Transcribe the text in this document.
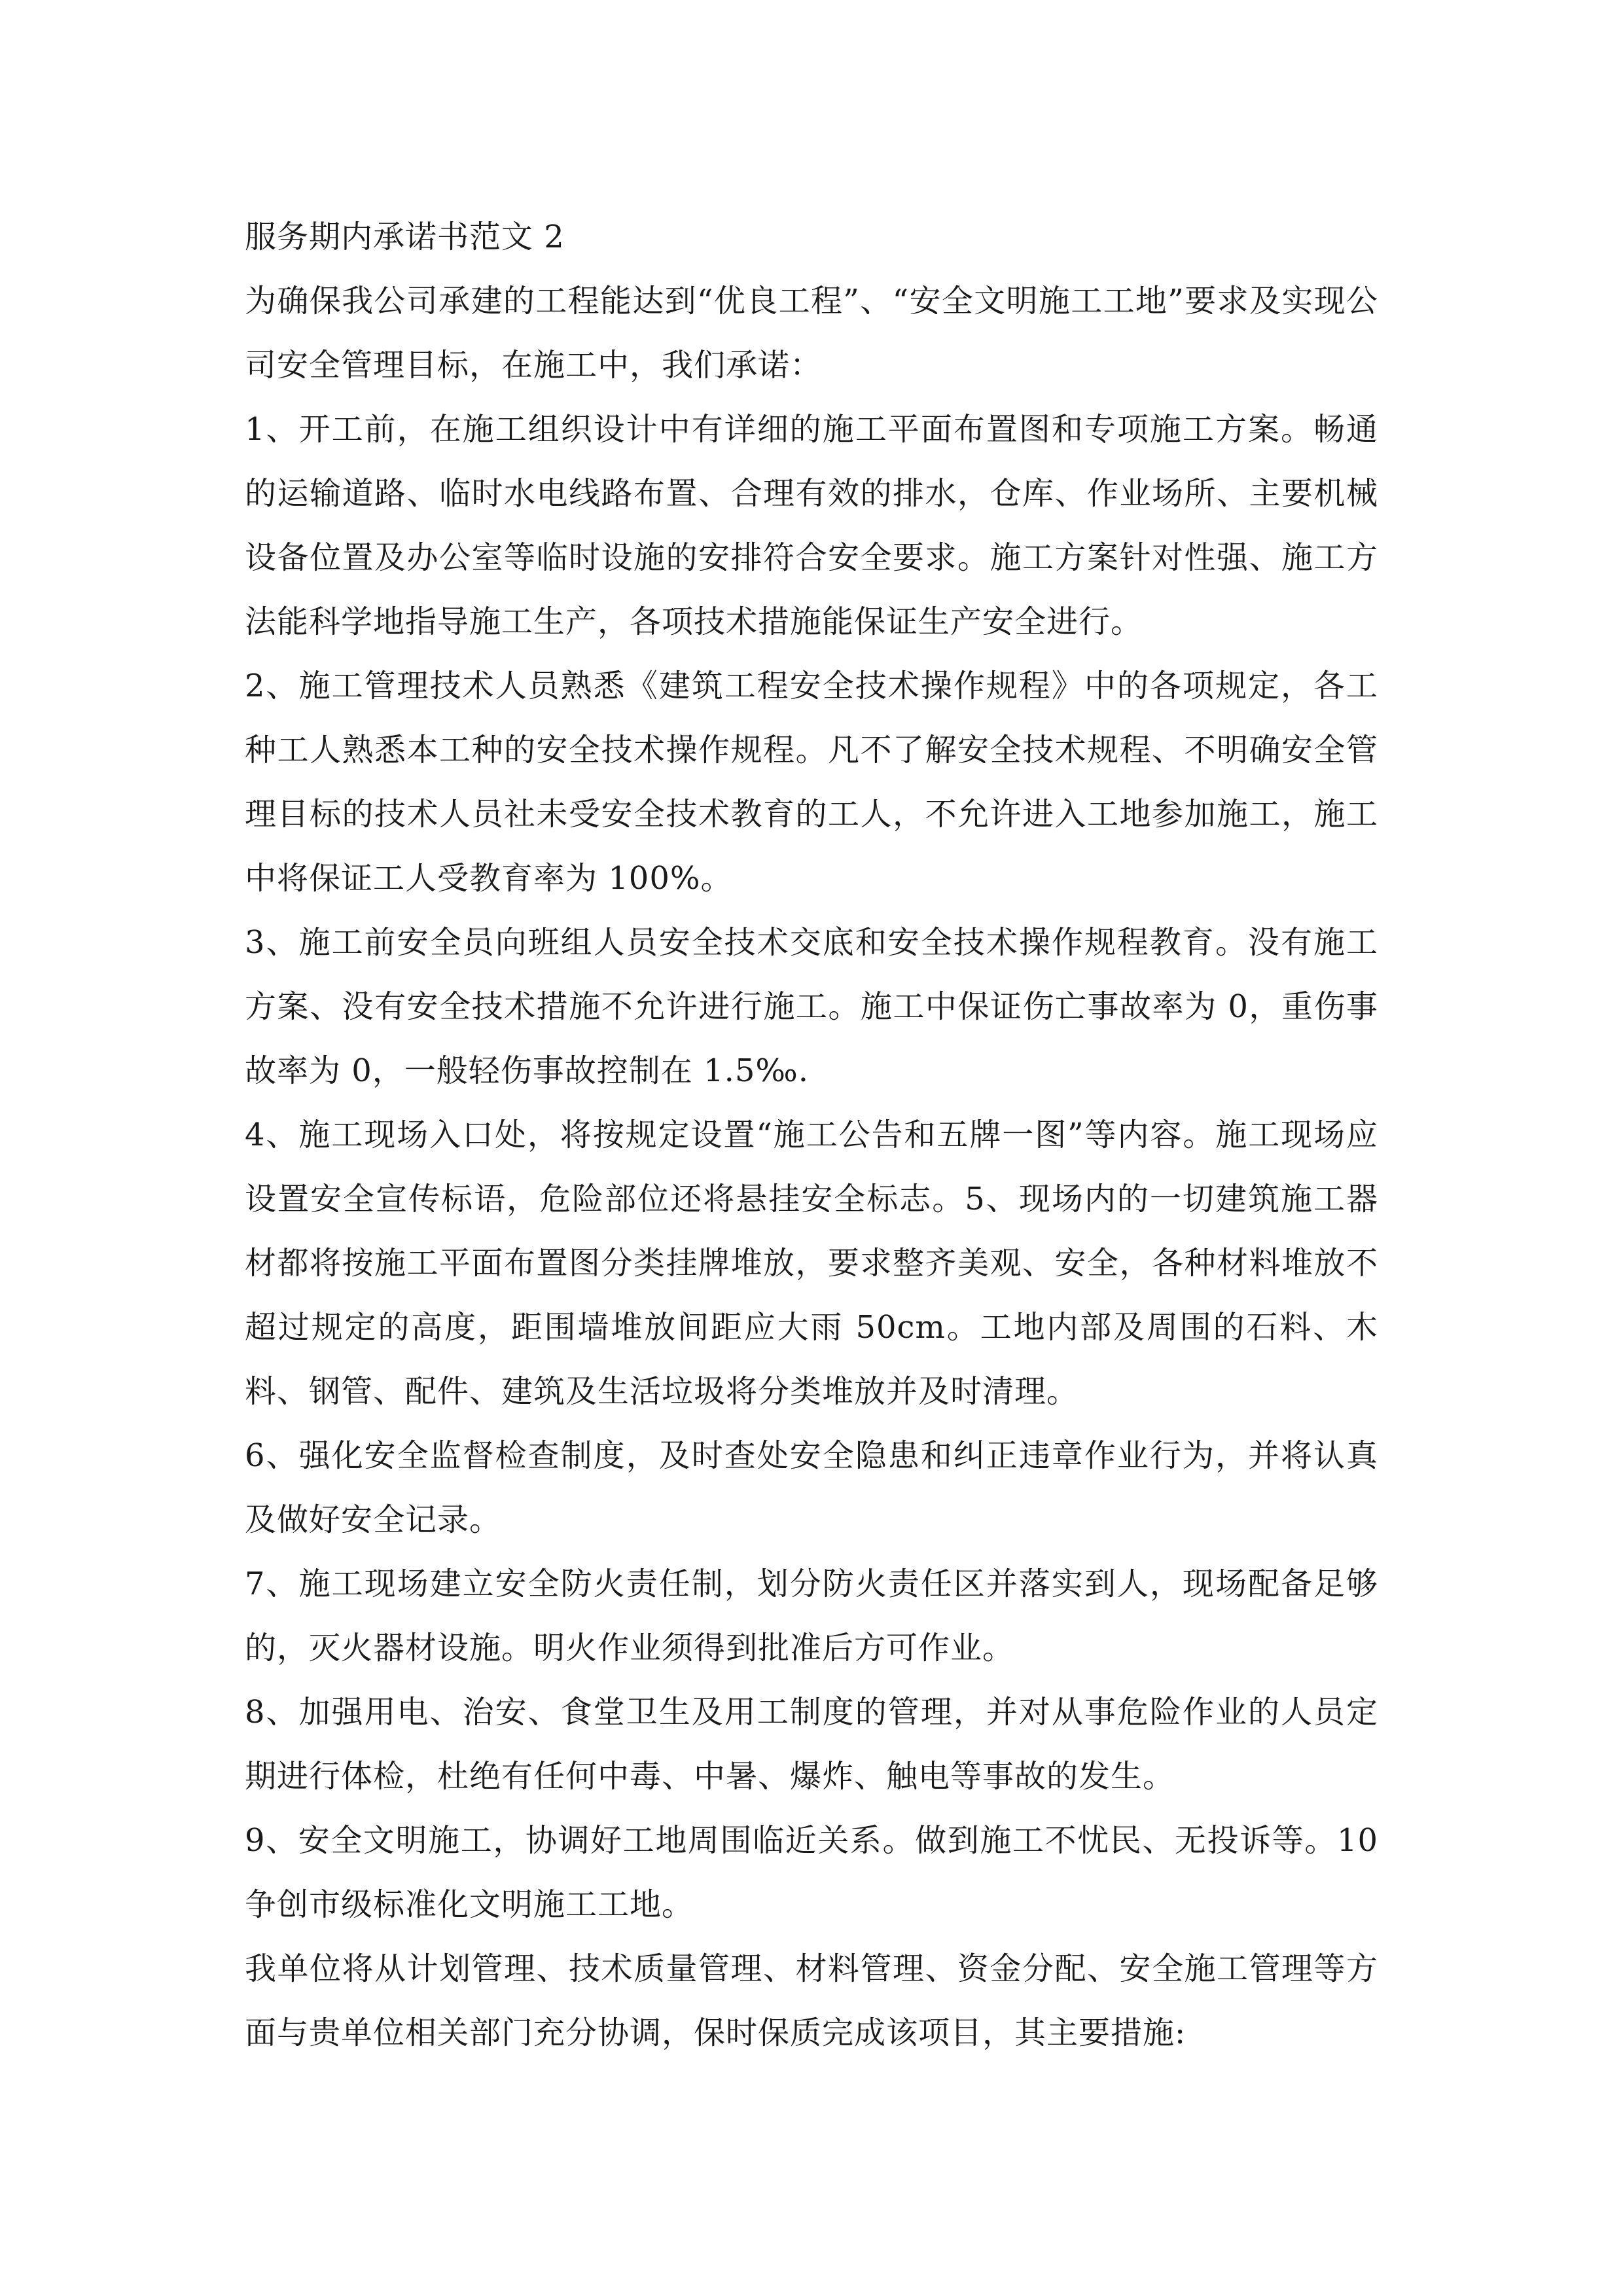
服务期内承诺书范文 2

为确保我公司承建的工程能达到“优良工程”、“安全文明施工工地”要求及实现公司安全管理目标，在施工中，我们承诺：

1、开工前，在施工组织设计中有详细的施工平面布置图和专项施工方案。畅通的运输道路、临时水电线路布置、合理有效的排水，仓库、作业场所、主要机械设备位置及办公室等临时设施的安排符合安全要求。施工方案针对性强、施工方法能科学地指导施工生产，各项技术措施能保证生产安全进行。

2、施工管理技术人员熟悉《建筑工程安全技术操作规程》中的各项规定，各工种工人熟悉本工种的安全技术操作规程。凡不了解安全技术规程、不明确安全管理目标的技术人员社未受安全技术教育的工人，不允许进入工地参加施工，施工中将保证工人受教育率为 100%。

3、施工前安全员向班组人员安全技术交底和安全技术操作规程教育。没有施工方案、没有安全技术措施不允许进行施工。施工中保证伤亡事故率为 0，重伤事故率为 0，一般轻伤事故控制在 1.5‰.

4、施工现场入口处，将按规定设置“施工公告和五牌一图”等内容。施工现场应设置安全宣传标语，危险部位还将悬挂安全标志。5、现场内的一切建筑施工器材都将按施工平面布置图分类挂牌堆放，要求整齐美观、安全，各种材料堆放不超过规定的高度，距围墙堆放间距应大雨 50cm。工地内部及周围的石料、木料、钢管、配件、建筑及生活垃圾将分类堆放并及时清理。

6、强化安全监督检查制度，及时查处安全隐患和纠正违章作业行为，并将认真及做好安全记录。

7、施工现场建立安全防火责任制，划分防火责任区并落实到人，现场配备足够的，灭火器材设施。明火作业须得到批准后方可作业。

8、加强用电、治安、食堂卫生及用工制度的管理，并对从事危险作业的人员定期进行体检，杜绝有任何中毒、中暑、爆炸、触电等事故的发生。

9、安全文明施工，协调好工地周围临近关系。做到施工不忧民、无投诉等。10 争创市级标准化文明施工工地。

我单位将从计划管理、技术质量管理、材料管理、资金分配、安全施工管理等方面与贵单位相关部门充分协调，保时保质完成该项目，其主要措施:
